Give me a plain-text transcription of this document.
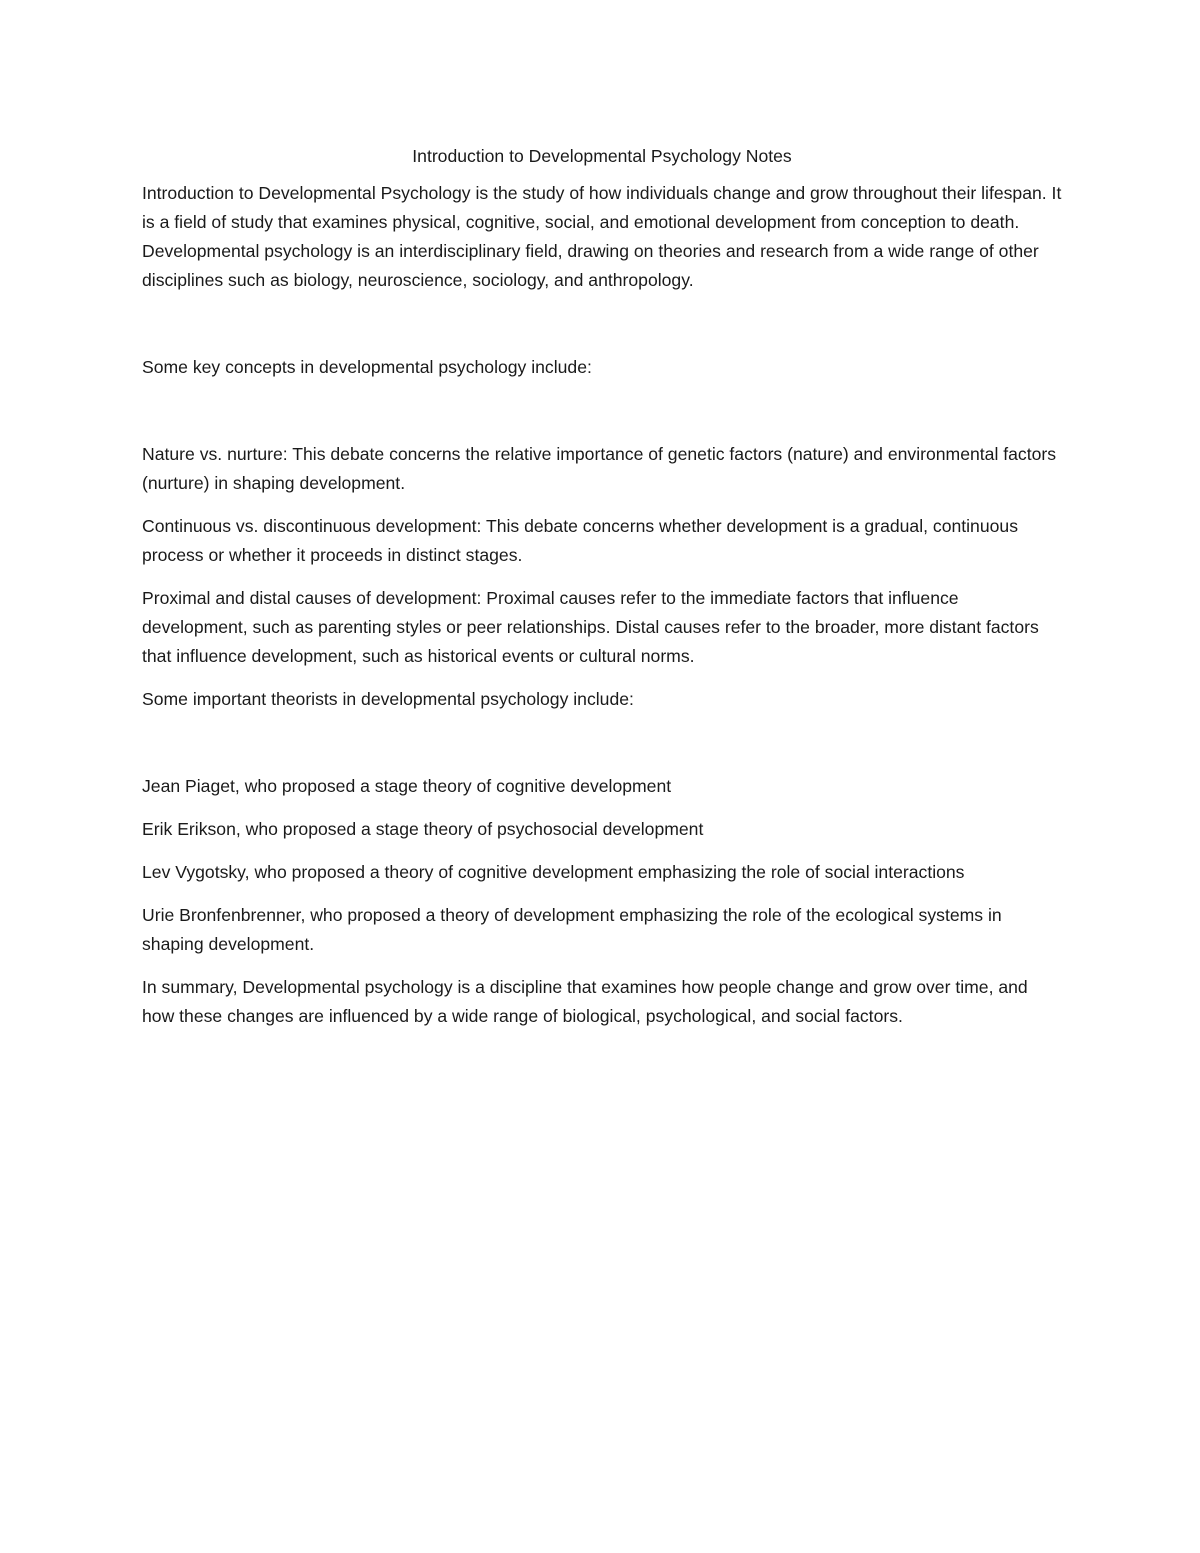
Introduction to Developmental Psychology Notes

Introduction to Developmental Psychology is the study of how individuals change and grow throughout their lifespan. It is a field of study that examines physical, cognitive, social, and emotional development from conception to death. Developmental psychology is an interdisciplinary field, drawing on theories and research from a wide range of other disciplines such as biology, neuroscience, sociology, and anthropology.

Some key concepts in developmental psychology include:

Nature vs. nurture: This debate concerns the relative importance of genetic factors (nature) and environmental factors (nurture) in shaping development.

Continuous vs. discontinuous development: This debate concerns whether development is a gradual, continuous process or whether it proceeds in distinct stages.

Proximal and distal causes of development: Proximal causes refer to the immediate factors that influence development, such as parenting styles or peer relationships. Distal causes refer to the broader, more distant factors that influence development, such as historical events or cultural norms.

Some important theorists in developmental psychology include:

Jean Piaget, who proposed a stage theory of cognitive development

Erik Erikson, who proposed a stage theory of psychosocial development

Lev Vygotsky, who proposed a theory of cognitive development emphasizing the role of social interactions

Urie Bronfenbrenner, who proposed a theory of development emphasizing the role of the ecological systems in shaping development.

In summary, Developmental psychology is a discipline that examines how people change and grow over time, and how these changes are influenced by a wide range of biological, psychological, and social factors.
